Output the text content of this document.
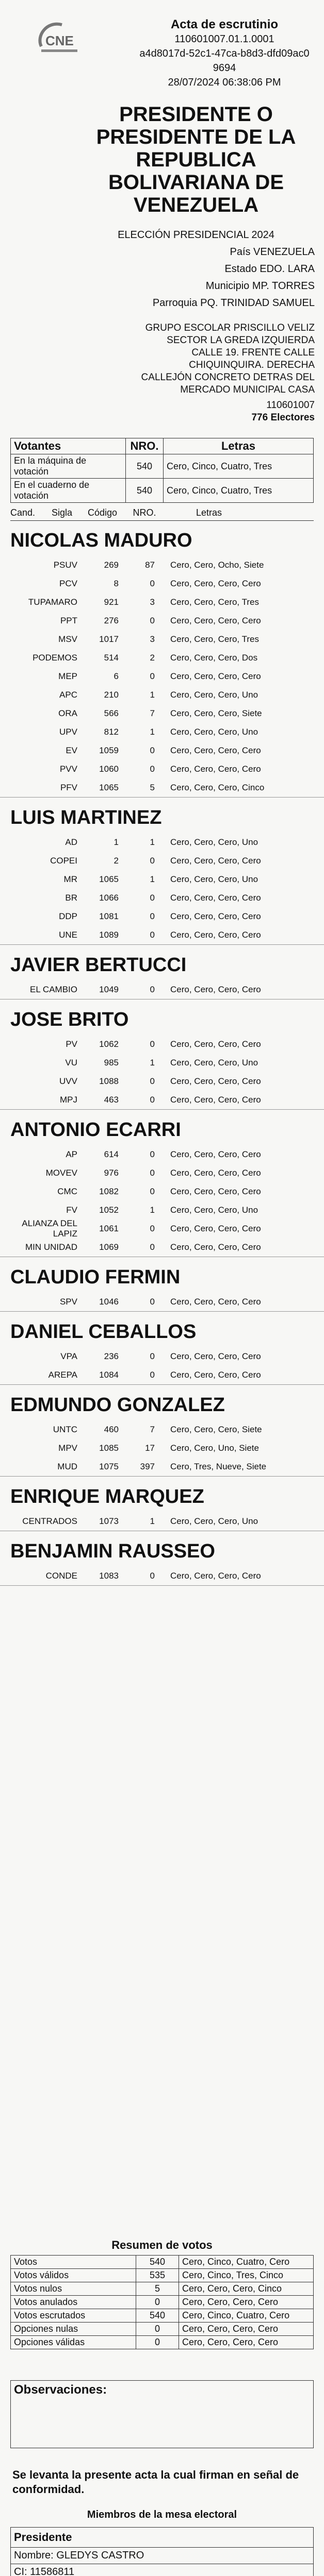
CNE
Acta de escrutinio
110601007.01.1.0001
a4d8017d-52c1-47ca-b8d3-dfd09ac09694
28/07/2024 06:38:06 PM
PRESIDENTE O
PRESIDENTE DE LA
REPUBLICA
BOLIVARIANA DE
VENEZUELA
ELECCIÓN PRESIDENCIAL 2024
País VENEZUELA
Estado EDO. LARA
Municipio MP. TORRES
Parroquia PQ. TRINIDAD SAMUEL
GRUPO ESCOLAR PRISCILLO VELIZ
SECTOR LA GREDA IZQUIERDA
CALLE 19. FRENTE CALLE
CHIQUINQUIRA. DERECHA
CALLEJÓN CONCRETO DETRAS DEL
MERCADO MUNICIPAL CASA
110601007
776 Electores
Votantes	NRO.	Letras
En la máquina de votación	540	Cero, Cinco, Cuatro, Tres
En el cuaderno de votación	540	Cero, Cinco, Cuatro, Tres
Cand.	Sigla	Código	NRO.	Letras
NICOLAS MADURO
PSUV	269	87 Cero, Cero, Ocho, Siete
PCV	8	0 Cero, Cero, Cero, Cero
TUPAMARO	921	3 Cero, Cero, Cero, Tres
PPT	276	0 Cero, Cero, Cero, Cero
MSV	1017	3 Cero, Cero, Cero, Tres
PODEMOS	514	2 Cero, Cero, Cero, Dos
MEP	6	0 Cero, Cero, Cero, Cero
APC	210	1 Cero, Cero, Cero, Uno
ORA	566	7 Cero, Cero, Cero, Siete
UPV	812	1 Cero, Cero, Cero, Uno
EV	1059	0 Cero, Cero, Cero, Cero
PVV	1060	0 Cero, Cero, Cero, Cero
PFV	1065	5 Cero, Cero, Cero, Cinco
LUIS MARTINEZ
AD	1	1 Cero, Cero, Cero, Uno
COPEI	2	0 Cero, Cero, Cero, Cero
MR	1065	1 Cero, Cero, Cero, Uno
BR	1066	0 Cero, Cero, Cero, Cero
DDP	1081	0 Cero, Cero, Cero, Cero
UNE	1089	0 Cero, Cero, Cero, Cero
JAVIER BERTUCCI
EL CAMBIO	1049	0 Cero, Cero, Cero, Cero
JOSE BRITO
PV	1062	0 Cero, Cero, Cero, Cero
VU	985	1 Cero, Cero, Cero, Uno
UVV	1088	0 Cero, Cero, Cero, Cero
MPJ	463	0 Cero, Cero, Cero, Cero
ANTONIO ECARRI
AP	614	0 Cero, Cero, Cero, Cero
MOVEV	976	0 Cero, Cero, Cero, Cero
CMC	1082	0 Cero, Cero, Cero, Cero
FV	1052	1 Cero, Cero, Cero, Uno
ALIANZA DEL LAPIZ
1061	0 Cero, Cero, Cero, Cero
MIN UNIDAD	1069	0 Cero, Cero, Cero, Cero
CLAUDIO FERMIN
SPV	1046	0 Cero, Cero, Cero, Cero
DANIEL CEBALLOS
VPA	236	0 Cero, Cero, Cero, Cero
AREPA	1084	0 Cero, Cero, Cero, Cero
EDMUNDO GONZALEZ
UNTC	460	7 Cero, Cero, Cero, Siete
MPV	1085	17 Cero, Cero, Uno, Siete
MUD	1075	397 Cero, Tres, Nueve, Siete
ENRIQUE MARQUEZ
CENTRADOS	1073	1 Cero, Cero, Cero, Uno
BENJAMIN RAUSSEO
CONDE	1083	0 Cero, Cero, Cero, Cero
Resumen de votos
Votos	540	Cero, Cinco, Cuatro, Cero
Votos válidos	535	Cero, Cinco, Tres, Cinco
Votos nulos	5	Cero, Cero, Cero, Cinco
Votos anulados	0	Cero, Cero, Cero, Cero
Votos escrutados	540	Cero, Cinco, Cuatro, Cero
Opciones nulas	0	Cero, Cero, Cero, Cero
Opciones válidas	0	Cero, Cero, Cero, Cero
Observaciones:
Se levanta la presente acta la cual firman en señal de conformidad.
Miembros de la mesa electoral
Presidente
Nombre: GLEDYS CASTRO
CI: 11586811
